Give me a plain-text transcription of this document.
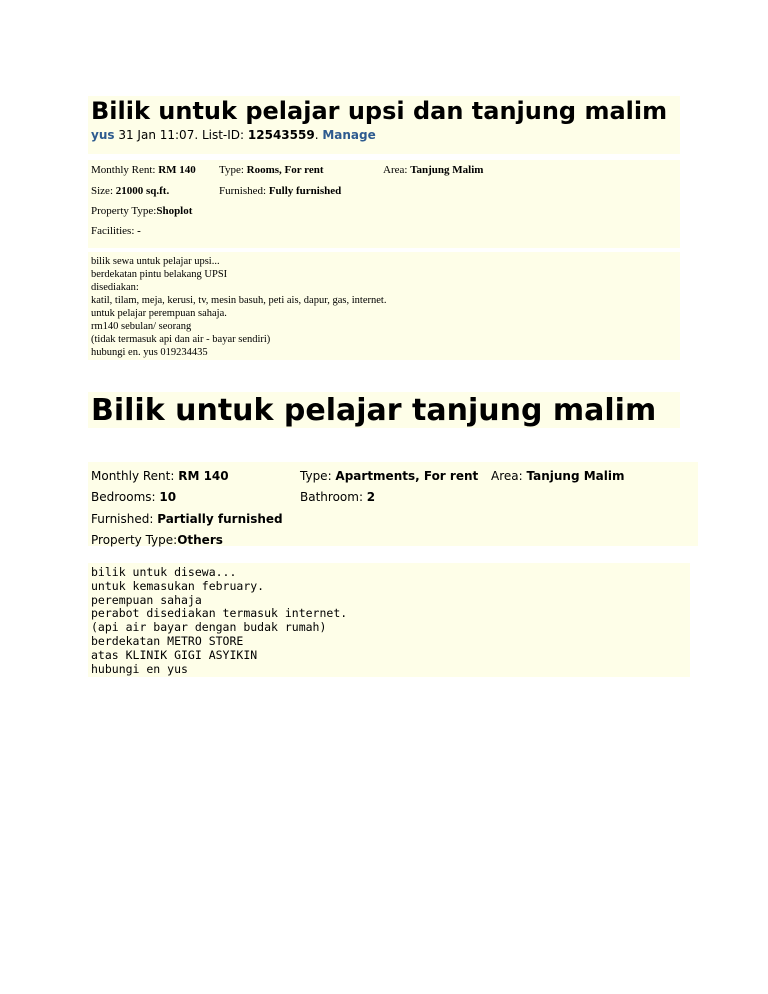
Bilik untuk pelajar upsi dan tanjung malim
yus 31 Jan 11:07. List-ID: 12543559. Manage
Monthly Rent: RM 140 Type: Rooms, For rent	Area: Tanjung Malim
Size: 21000 sq.ft.	Furnished: Fully furnished
Property Type:Shoplot
Facilities: -
bilik sewa untuk pelajar upsi...
berdekatan pintu belakang UPSI
disediakan:
katil, tilam, meja, kerusi, tv, mesin basuh, peti ais, dapur, gas, internet.
untuk pelajar perempuan sahaja.
rm140 sebulan/ seorang
(tidak termasuk api dan air - bayar sendiri)
hubungi en. yus 019234435
Bilik untuk pelajar tanjung malim
Monthly Rent: RM 140	Type: Apartments, For rent Area: Tanjung Malim
Bedrooms: 10	Bathroom: 2
Furnished: Partially furnished
Property Type:Others
bilik untuk disewa...
untuk kemasukan february.
perempuan sahaja
perabot disediakan termasuk internet.
(api air bayar dengan budak rumah)
berdekatan METRO STORE
atas KLINIK GIGI ASYIKIN
hubungi en yus
